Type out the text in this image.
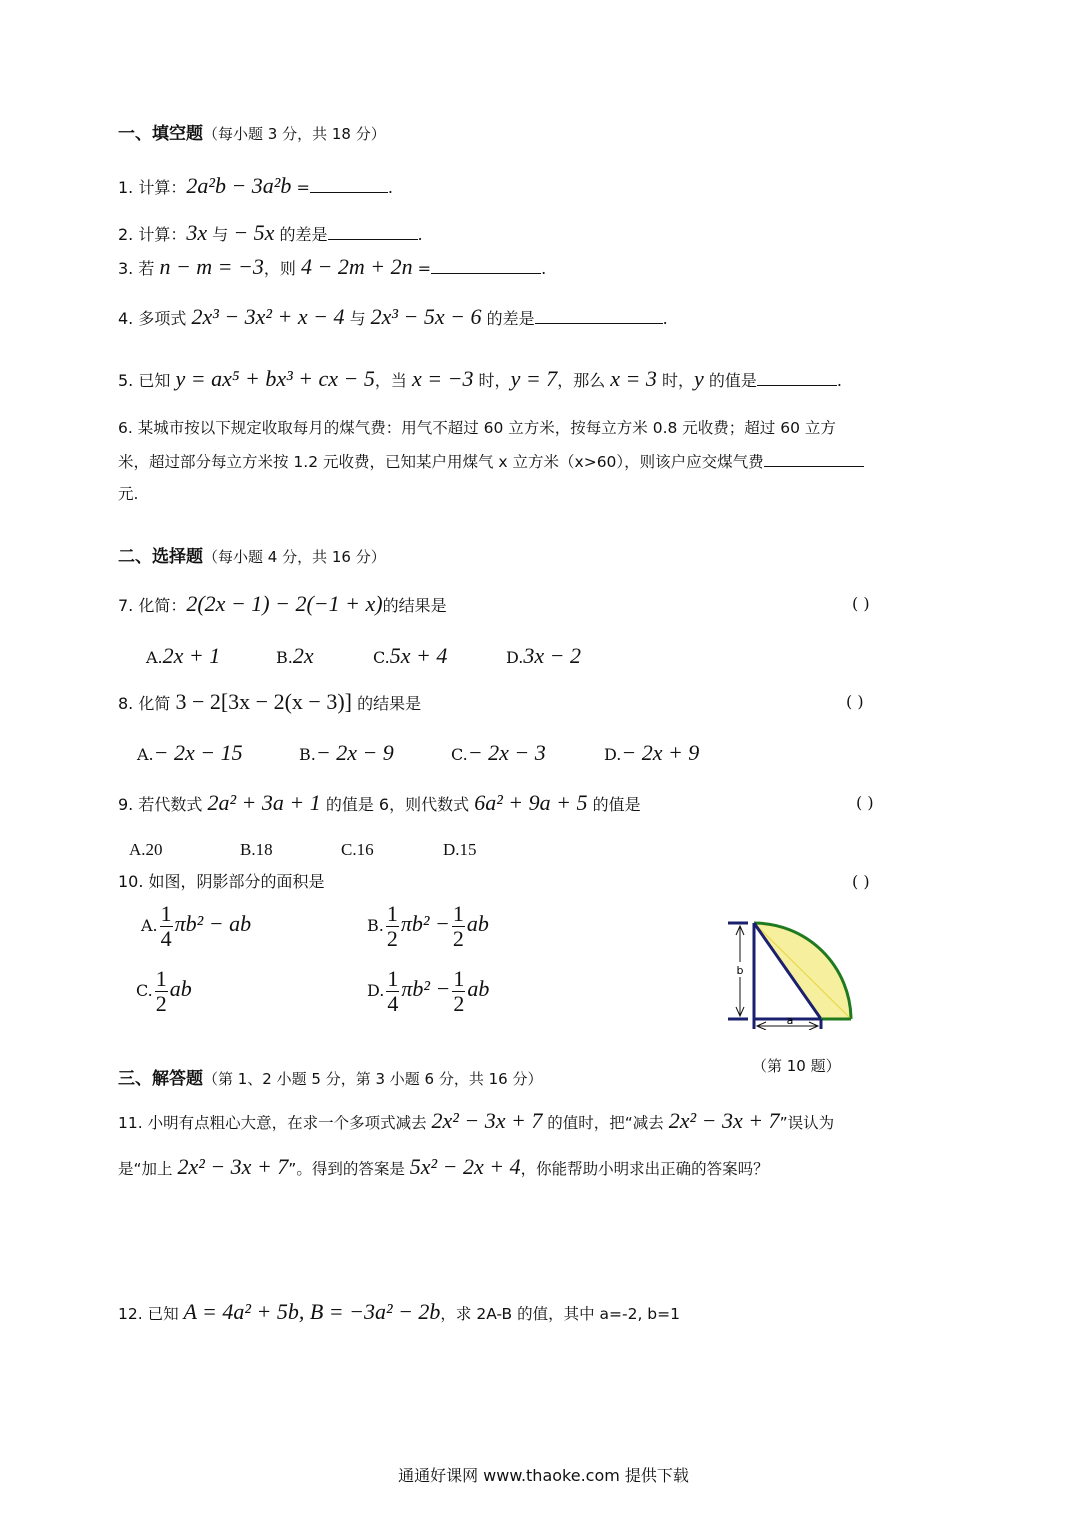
一、填空题（每小题 3 分，共 18 分）
1. 计算：2a²b − 3a²b =	.
2. 计算：3x 与 − 5x 的差是	.
3. 若 n − m = −3，则 4 − 2m + 2n =	.
4. 多项式 2x³ − 3x² + x − 4 与 2x³ − 5x − 6 的差是	.
5. 已知 y = ax⁵ + bx³ + cx − 5，当 x = −3 时，y = 7，那么 x = 3 时，y 的值是	.
6. 某城市按以下规定收取每月的煤气费：用气不超过 60 立方米，按每立方米 0.8 元收费；超过 60 立方
米，超过部分每立方米按 1.2 元收费，已知某户用煤气 x 立方米（x>60），则该户应交煤气费
元.
二、选择题（每小题 4 分，共 16 分）
7. 化简：2(2x − 1) − 2(−1 + x)的结果是	( )
A.2x + 1	B.2x	C.5x + 4	D.3x − 2
8. 化简 3 − 2[3x − 2(x − 3)] 的结果是	( )
A.− 2x − 15	B.− 2x − 9	C.− 2x − 3	D.− 2x + 9
9. 若代数式 2a² + 3a + 1 的值是 6，则代数式 6a² + 9a + 5 的值是	( )
A.20	B.18	C.16	D.15
10. 如图，阴影部分的面积是	( )
A. $\frac{1}{4} \pi b^2$ − ab	B. $\frac{1}{2} \pi b^2 - \frac{1}{2}$ ab
C. $\frac{1}{2}$ ab	D. $\frac{1}{4} \pi b^2 - \frac{1}{2}$ ab
b
a
（第 10 题）
三、解答题（第 1、2 小题 5 分，第 3 小题 6 分，共 16 分）
11. 小明有点粗心大意，在求一个多项式减去 2x² − 3x + 7 的值时，把“减去 2x² − 3x + 7”误认为
是“加上 2x² − 3x + 7”。得到的答案是 5x² − 2x + 4，你能帮助小明求出正确的答案吗？
12. 已知 A = 4a² + 5b, B = −3a² − 2b，求 2A-B 的值，其中 a=-2, b=1
通通好课网 www.thaoke.com 提供下载
